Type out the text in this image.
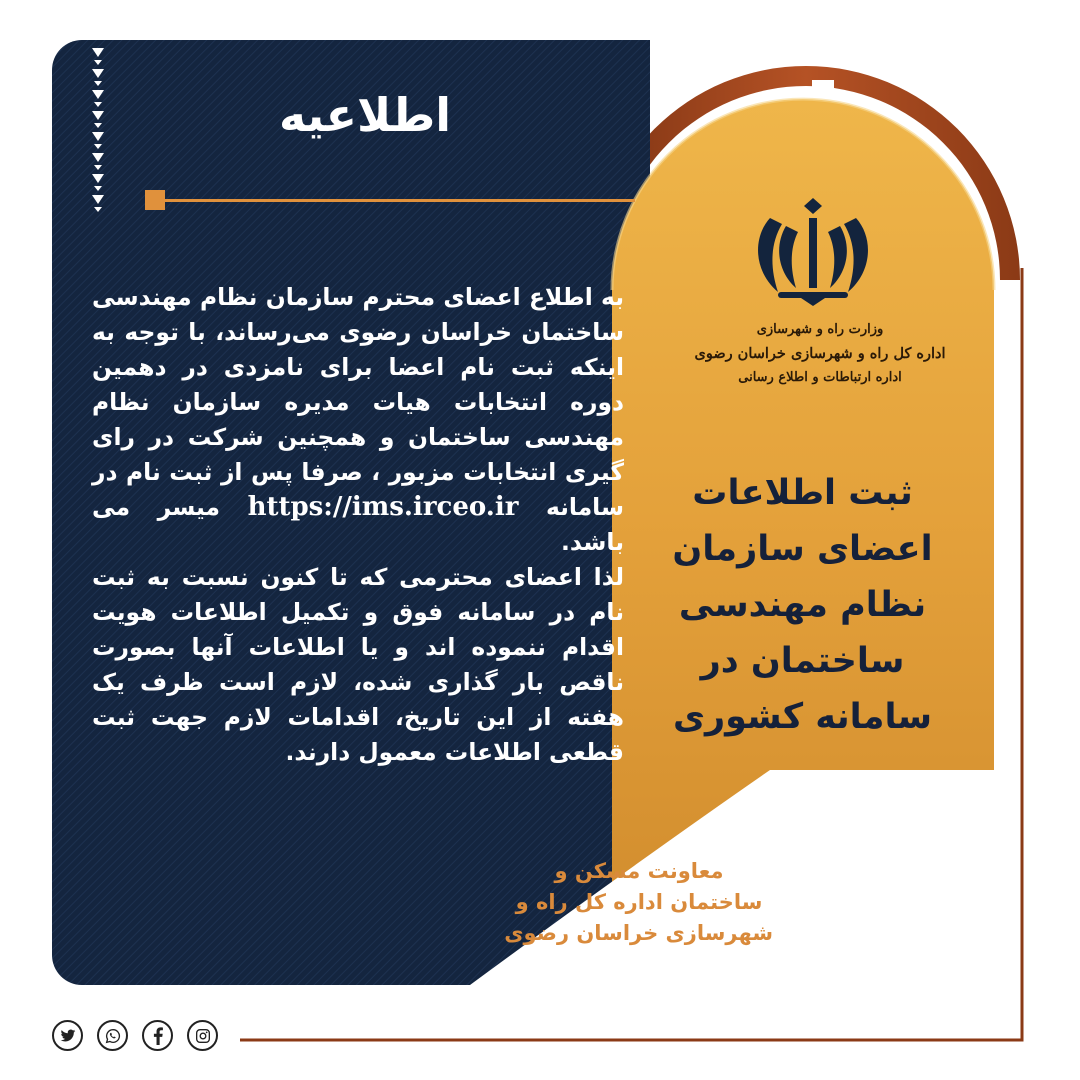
اطلاعیه

به اطلاع اعضای محترم سازمان نظام مهندسی ساختمان خراسان رضوی می‌رساند، با توجه به اینکه ثبت نام اعضا برای نامزدی در دهمین دوره انتخابات هیات مدیره سازمان نظام مهندسی ساختمان و همچنین شرکت در رای گیری انتخابات مزبور ، صرفا پس از ثبت نام در سامانه https://ims.irceo.ir میسر می باشد.

لذا اعضای محترمی که تا کنون نسبت به ثبت نام در سامانه فوق و تکمیل اطلاعات هویت اقدام ننموده اند و یا اطلاعات آنها بصورت ناقص بار گذاری شده، لازم است ظرف یک هفته از این تاریخ، اقدامات لازم جهت ثبت قطعی اطلاعات معمول دارند.

وزارت راه و شهرسازی
اداره کل راه و شهرسازی خراسان رضوی
اداره ارتباطات و اطلاع رسانی
ثبت اطلاعات
اعضای سازمان
نظام مهندسی
ساختمان در
سامانه کشوری
معاونت مسکن و
ساختمان اداره کل راه و
شهرسازی خراسان رضوی
